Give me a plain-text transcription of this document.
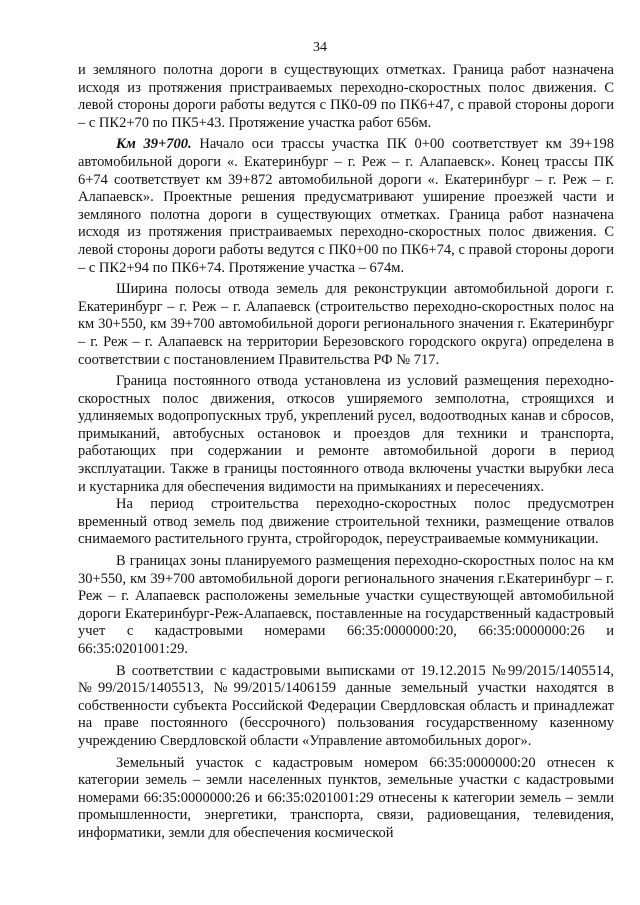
34

и земляного полотна дороги в существующих отметках. Граница работ назначена исходя из протяжения пристраиваемых переходно-скоростных полос движения. С левой стороны дороги работы ведутся с ПК0-09 по ПК6+47, с правой стороны дороги – с ПК2+70 по ПК5+43. Протяжение участка работ 656м.

Км 39+700. Начало оси трассы участка ПК 0+00 соответствует км 39+198 автомобильной дороги «. Екатеринбург – г. Реж – г. Алапаевск». Конец трассы ПК 6+74 соответствует км 39+872 автомобильной дороги «. Екатеринбург – г. Реж – г. Алапаевск». Проектные решения предусматривают уширение проезжей части и земляного полотна дороги в существующих отметках. Граница работ назначена исходя из протяжения пристраиваемых переходно-скоростных полос движения. С левой стороны дороги работы ведутся с ПК0+00 по ПК6+74, с правой стороны дороги – с ПК2+94 по ПК6+74. Протяжение участка – 674м.

Ширина полосы отвода земель для реконструкции автомобильной дороги г. Екатеринбург – г. Реж – г. Алапаевск (строительство переходно-скоростных полос на км 30+550, км 39+700 автомобильной дороги регионального значения г. Екатеринбург – г. Реж – г. Алапаевск на территории Березовского городского округа) определена в соответствии с постановлением Правительства РФ № 717.

Граница постоянного отвода установлена из условий размещения переходно-скоростных полос движения, откосов уширяемого земполотна, строящихся и удлиняемых водопропускных труб, укреплений русел, водоотводных канав и сбросов, примыканий, автобусных остановок и проездов для техники и транспорта, работающих при содержании и ремонте автомобильной дороги в период эксплуатации. Также в границы постоянного отвода включены участки вырубки леса и кустарника для обеспечения видимости на примыканиях и пересечениях.

На период строительства переходно-скоростных полос предусмотрен временный отвод земель под движение строительной техники, размещение отвалов снимаемого растительного грунта, стройгородок, переустраиваемые коммуникации.

В границах зоны планируемого размещения переходно-скоростных полос на км 30+550, км 39+700 автомобильной дороги регионального значения г.Екатеринбург – г. Реж – г. Алапаевск расположены земельные участки существующей автомобильной дороги Екатеринбург-Реж-Алапаевск, поставленные на государственный кадастровый учет с кадастровыми номерами 66:35:0000000:20, 66:35:0000000:26 и 66:35:0201001:29.

В соответствии с кадастровыми выписками от 19.12.2015 №99/2015/1405514, №99/2015/1405513, №99/2015/1406159 данные земельный участки находятся в собственности субъекта Российской Федерации Свердловская область и принадлежат на праве постоянного (бессрочного) пользования государственному казенному учреждению Свердловской области «Управление автомобильных дорог».

Земельный участок с кадастровым номером 66:35:0000000:20 отнесен к категории земель – земли населенных пунктов, земельные участки с кадастровыми номерами 66:35:0000000:26 и 66:35:0201001:29 отнесены к категории земель – земли промышленности, энергетики, транспорта, связи, радиовещания, телевидения, информатики, земли для обеспечения космической
